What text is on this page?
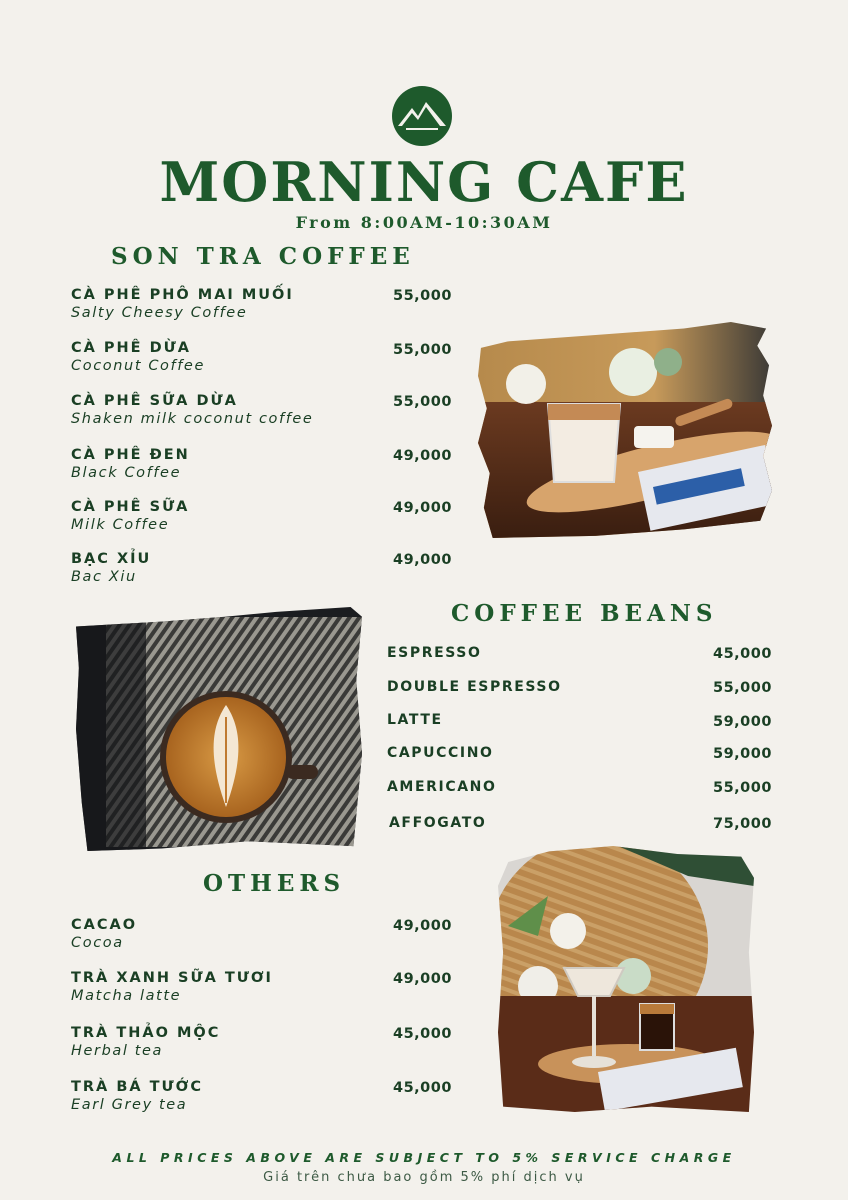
MORNING CAFE
From 8:00AM-10:30AM
SON TRA COFFEE
CÀ PHÊ PHÔ MAI MUỐI
Salty Cheesy Coffee
55,000
CÀ PHÊ DỪA
Coconut Coffee
55,000
CÀ PHÊ SỮA DỪA
Shaken milk coconut coffee
55,000
CÀ PHÊ ĐEN
Black Coffee
49,000
CÀ PHÊ SỮA
Milk Coffee
49,000
BẠC XỈU
Bac Xiu
49,000
COFFEE BEANS
ESPRESSO	45,000
DOUBLE ESPRESSO	55,000
LATTE	59,000
CAPUCCINO	59,000
AMERICANO	55,000
AFFOGATO	75,000
OTHERS
CACAO
Cocoa
49,000
TRÀ XANH SỮA TƯƠI
Matcha latte
49,000
TRÀ THẢO MỘC
Herbal tea
45,000
TRÀ BÁ TƯỚC
Earl Grey tea
45,000
ALL PRICES ABOVE ARE SUBJECT TO 5% SERVICE CHARGE
Giá trên chưa bao gồm 5% phí dịch vụ
